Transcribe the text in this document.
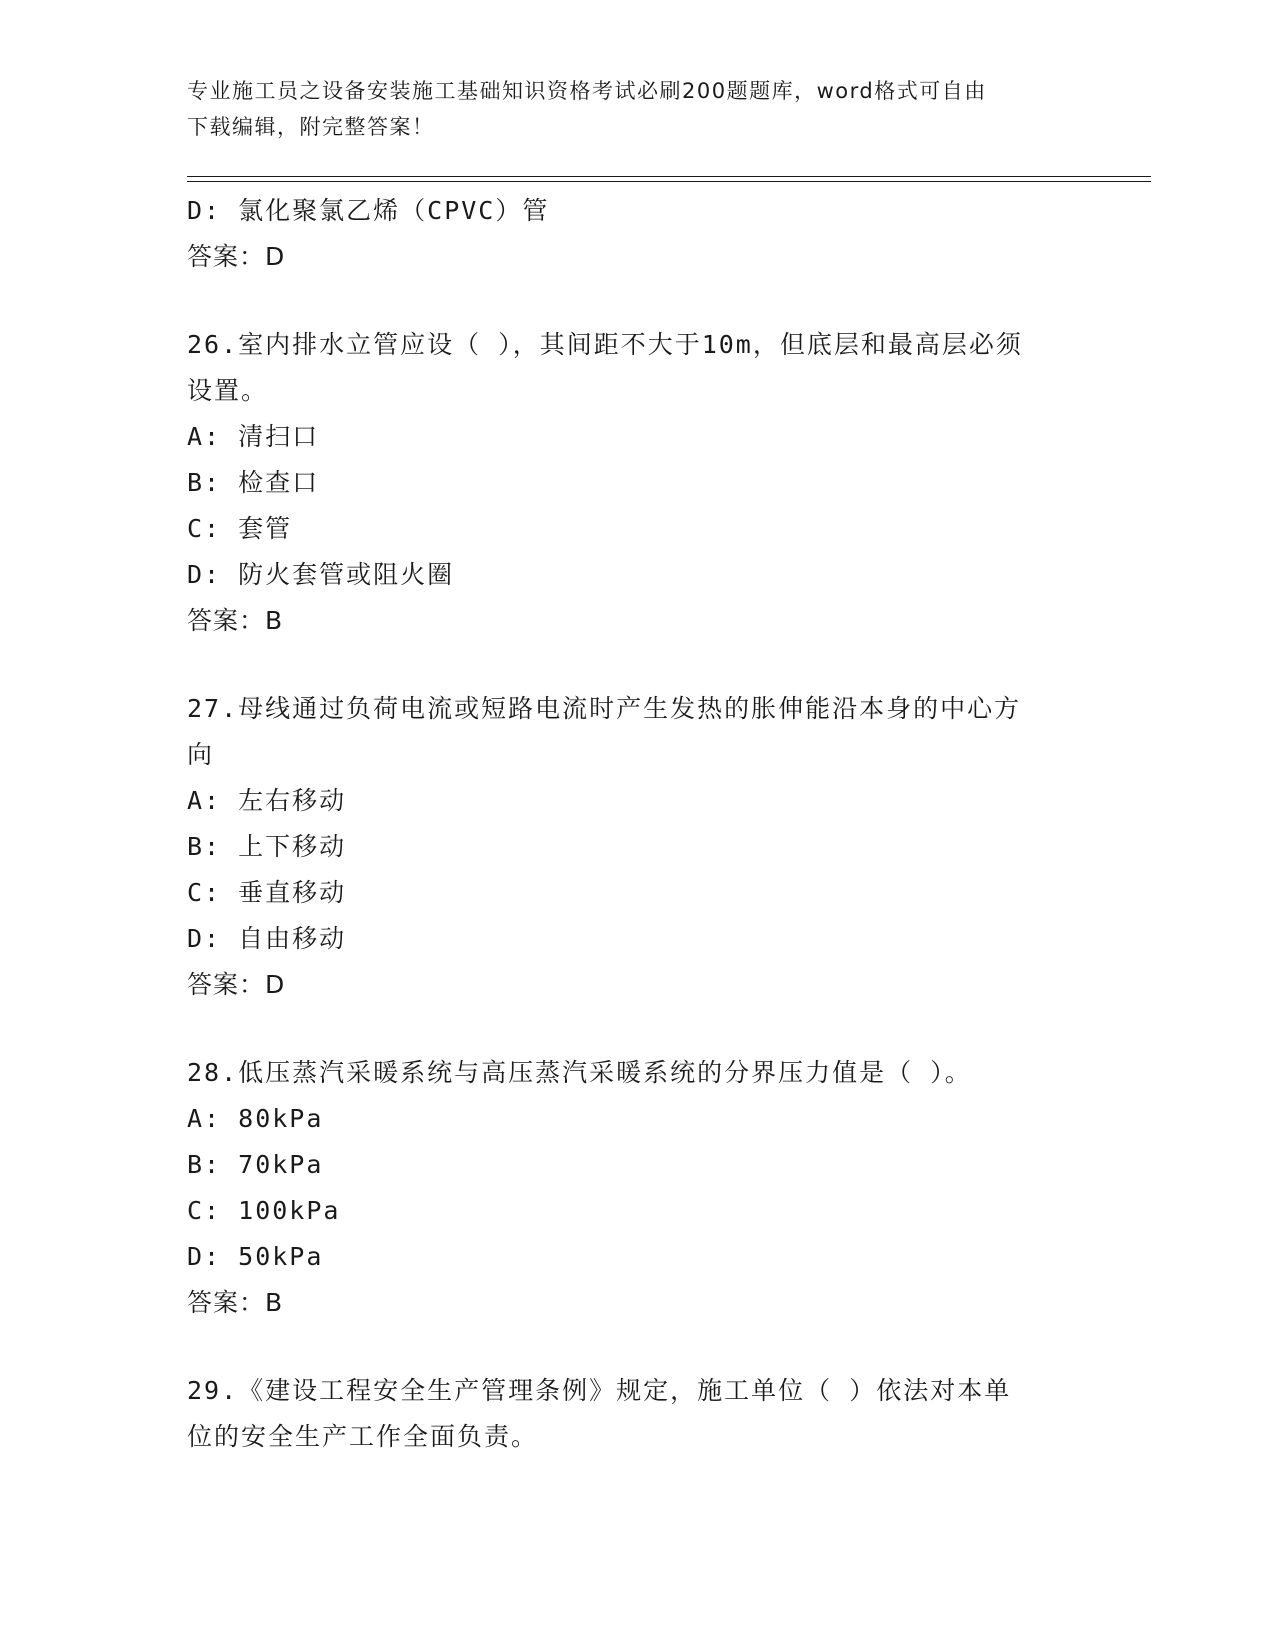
专业施工员之设备安装施工基础知识资格考试必刷200题题库，word格式可自由
下载编辑，附完整答案！
D: 氯化聚氯乙烯（CPVC）管
答案：D
26.室内排水立管应设（ ），其间距不大于10m，但底层和最高层必须
设置。
A: 清扫口
B: 检查口
C: 套管
D: 防火套管或阻火圈
答案：B
27.母线通过负荷电流或短路电流时产生发热的胀伸能沿本身的中心方
向
A: 左右移动
B: 上下移动
C: 垂直移动
D: 自由移动
答案：D
28.低压蒸汽采暖系统与高压蒸汽采暖系统的分界压力值是（ ）。
A: 80kPa
B: 70kPa
C: 100kPa
D: 50kPa
答案：B
29.《建设工程安全生产管理条例》规定，施工单位（ ）依法对本单
位的安全生产工作全面负责。
